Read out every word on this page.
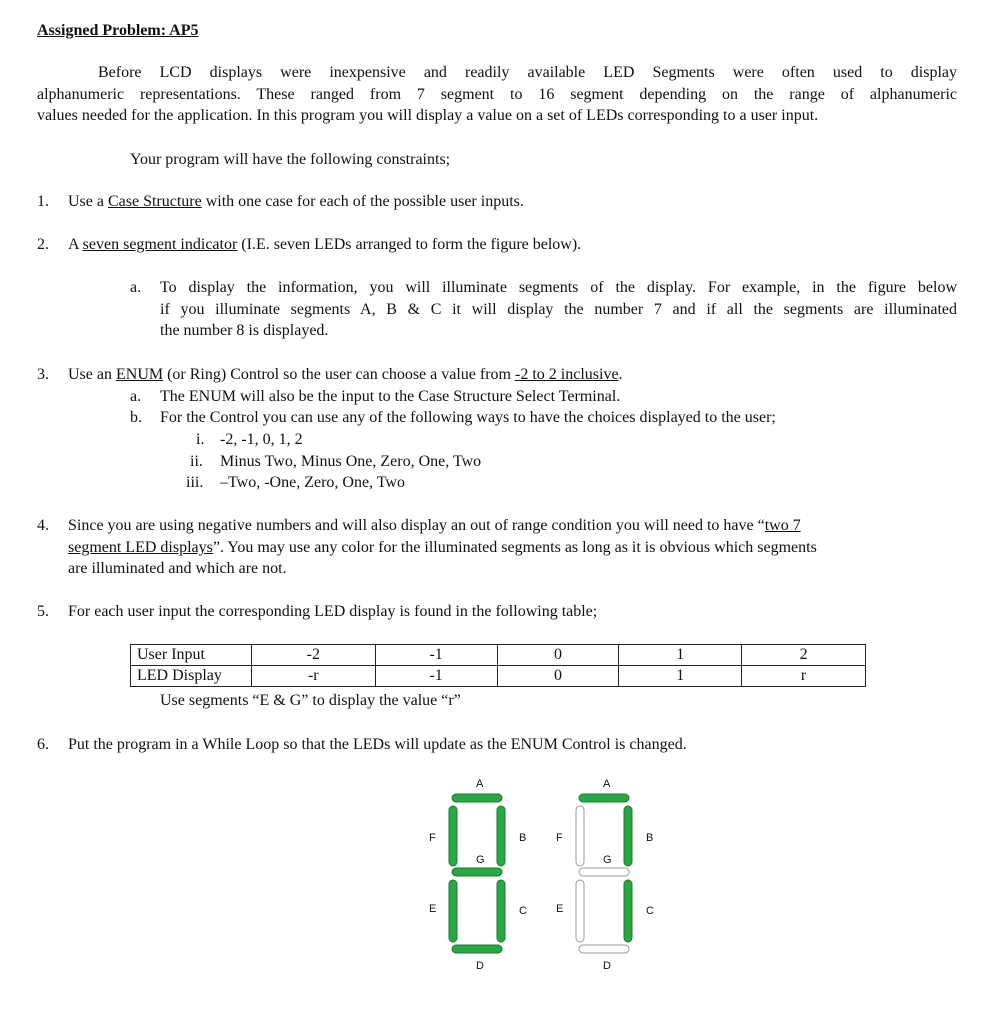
Assigned Problem: AP5
Before LCD displays were inexpensive and readily available LED Segments were often used to display
alphanumeric representations. These ranged from 7 segment to 16 segment depending on the range of alphanumeric
values needed for the application. In this program you will display a value on a set of LEDs corresponding to a user input.
Your program will have the following constraints;
1. Use a Case Structure with one case for each of the possible user inputs.
2. A seven segment indicator (I.E. seven LEDs arranged to form the figure below).
a. To display the information, you will illuminate segments of the display. For example, in the figure below
if you illuminate segments A, B & C it will display the number 7 and if all the segments are illuminated
the number 8 is displayed.
3. Use an ENUM (or Ring) Control so the user can choose a value from -2 to 2 inclusive.
a. The ENUM will also be the input to the Case Structure Select Terminal.
b. For the Control you can use any of the following ways to have the choices displayed to the user;
i. -2, -1, 0, 1, 2
ii. Minus Two, Minus One, Zero, One, Two
iii. –Two, -One, Zero, One, Two
4. Since you are using negative numbers and will also display an out of range condition you will need to have “two 7
segment LED displays”. You may use any color for the illuminated segments as long as it is obvious which segments
are illuminated and which are not.
5. For each user input the corresponding LED display is found in the following table;
User Input	-2	-1	0	1	2
LED Display	-r	-1	0	1	r
Use segments “E & G” to display the value “r”
6. Put the program in a While Loop so that the LEDs will update as the ENUM Control is changed.
A
F	B
G
E	C
D
A
F	B
G
E	C
D
